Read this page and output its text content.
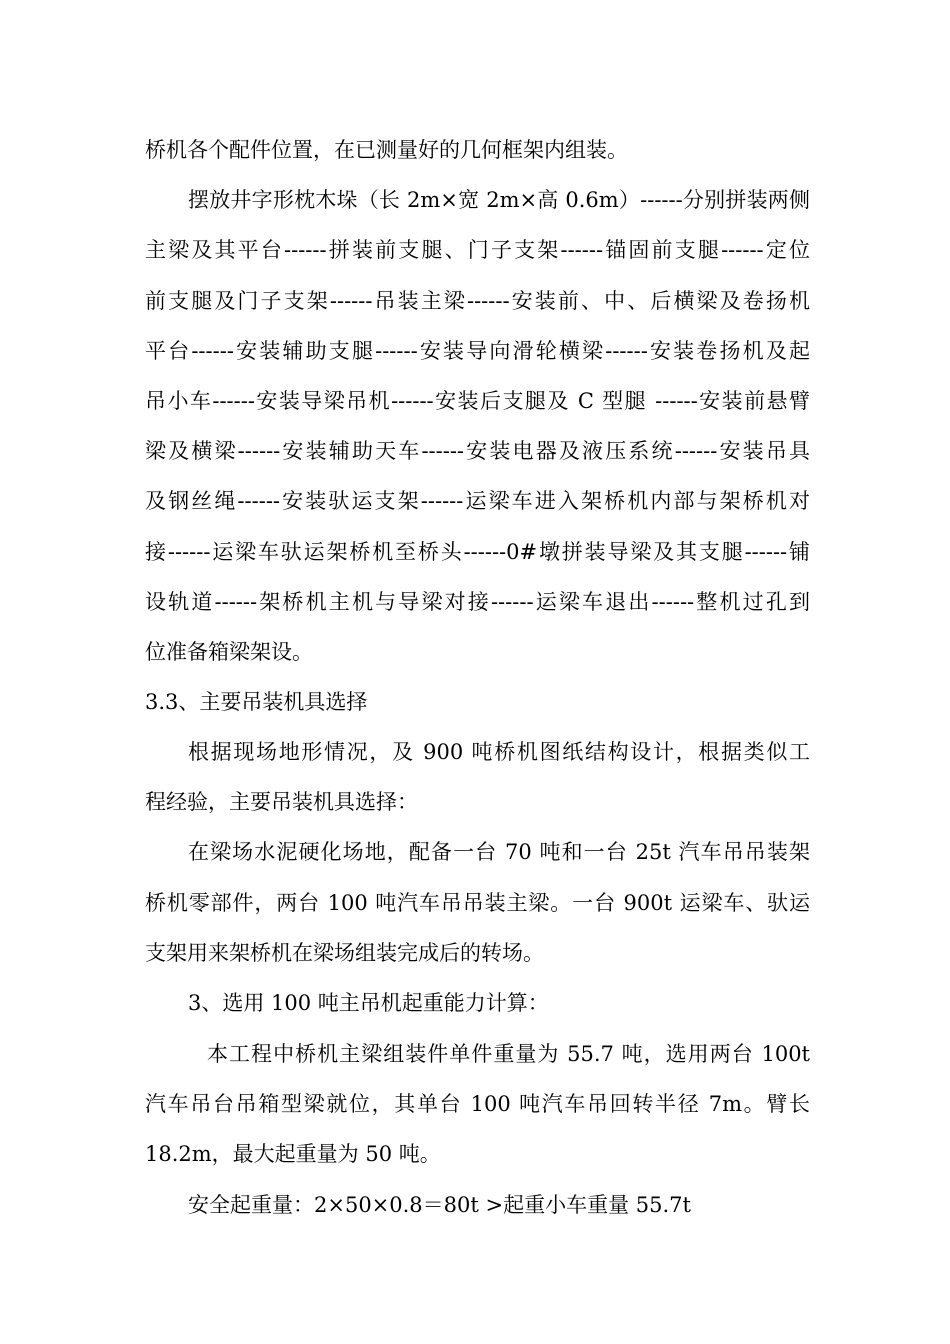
桥机各个配件位置，在已测量好的几何框架内组装。
摆放井字形枕木垛（长 2m×宽 2m×高 0.6m）------分别拼装两侧
主梁及其平台------拼装前支腿、门子支架------锚固前支腿------定位
前支腿及门子支架------吊装主梁------安装前、中、后横梁及卷扬机
平台------安装辅助支腿------安装导向滑轮横梁------安装卷扬机及起
吊小车------安装导梁吊机------安装后支腿及 C 型腿 ------安装前悬臂
梁及横梁------安装辅助天车------安装电器及液压系统------安装吊具
及钢丝绳------安装驮运支架------运梁车进入架桥机内部与架桥机对
接------运梁车驮运架桥机至桥头------0#墩拼装导梁及其支腿------铺
设轨道------架桥机主机与导梁对接------运梁车退出------整机过孔到
位准备箱梁架设。
3.3、主要吊装机具选择
根据现场地形情况，及 900 吨桥机图纸结构设计，根据类似工
程经验，主要吊装机具选择：
在梁场水泥硬化场地，配备一台 70 吨和一台 25t 汽车吊吊装架
桥机零部件，两台 100 吨汽车吊吊装主梁。一台 900t 运梁车、驮运
支架用来架桥机在梁场组装完成后的转场。
3、选用 100 吨主吊机起重能力计算：
本工程中桥机主梁组装件单件重量为 55.7 吨，选用两台 100t
汽车吊台吊箱型梁就位，其单台 100 吨汽车吊回转半径 7m。臂长
18.2m，最大起重量为 50 吨。
安全起重量：2×50×0.8＝80t >起重小车重量 55.7t
